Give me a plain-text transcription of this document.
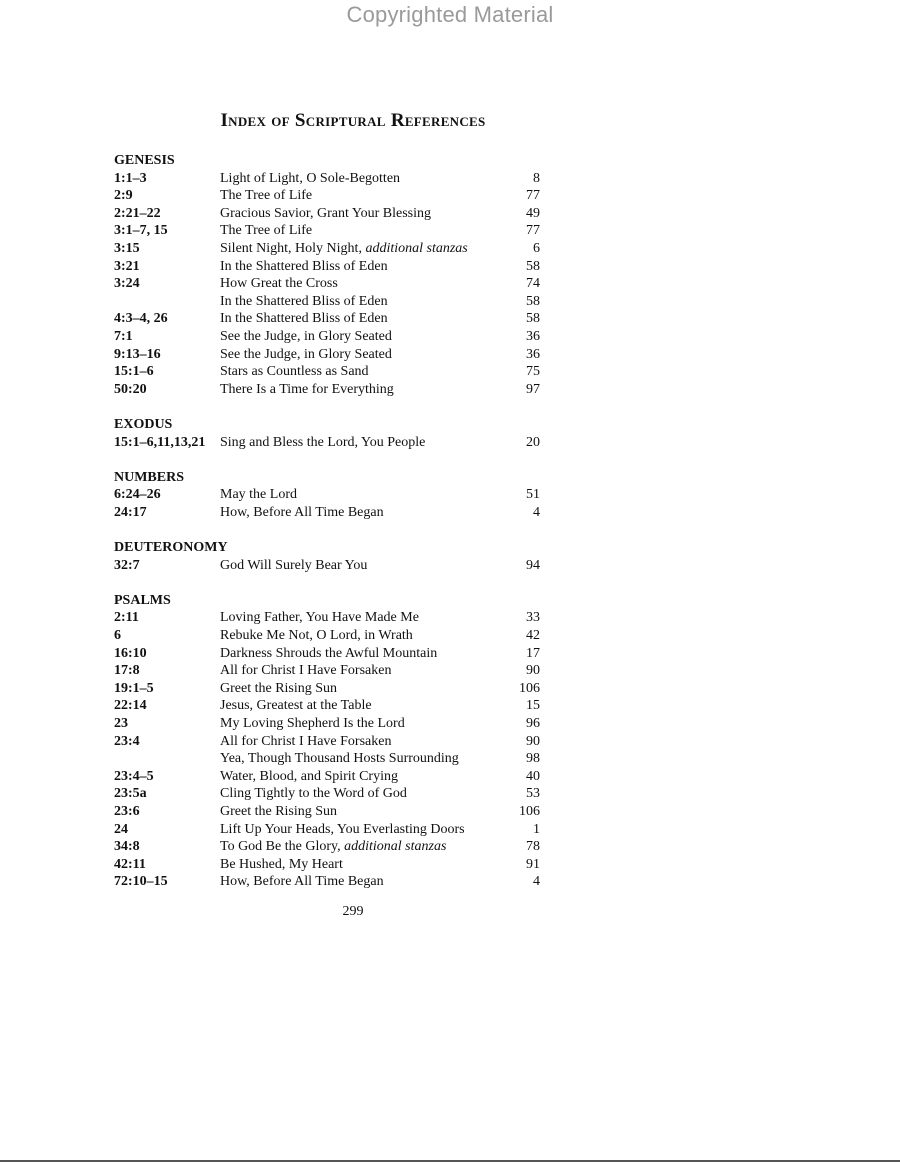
Copyrighted Material
Index of Scriptural References
GENESIS
1:1–3	Light of Light, O Sole-Begotten	8
2:9	The Tree of Life	77
2:21–22	Gracious Savior, Grant Your Blessing	49
3:1–7, 15	The Tree of Life	77
3:15	Silent Night, Holy Night, additional stanzas	6
3:21	In the Shattered Bliss of Eden	58
3:24	How Great the Cross	74
In the Shattered Bliss of Eden	58
4:3–4, 26	In the Shattered Bliss of Eden	58
7:1	See the Judge, in Glory Seated	36
9:13–16	See the Judge, in Glory Seated	36
15:1–6	Stars as Countless as Sand	75
50:20	There Is a Time for Everything	97
EXODUS
15:1–6,11,13,21	Sing and Bless the Lord, You People	20
NUMBERS
6:24–26	May the Lord	51
24:17	How, Before All Time Began	4
DEUTERONOMY
32:7	God Will Surely Bear You	94
PSALMS
2:11	Loving Father, You Have Made Me	33
6	Rebuke Me Not, O Lord, in Wrath	42
16:10	Darkness Shrouds the Awful Mountain	17
17:8	All for Christ I Have Forsaken	90
19:1–5	Greet the Rising Sun	106
22:14	Jesus, Greatest at the Table	15
23	My Loving Shepherd Is the Lord	96
23:4	All for Christ I Have Forsaken	90
Yea, Though Thousand Hosts Surrounding	98
23:4–5	Water, Blood, and Spirit Crying	40
23:5a	Cling Tightly to the Word of God	53
23:6	Greet the Rising Sun	106
24	Lift Up Your Heads, You Everlasting Doors	1
34:8	To God Be the Glory, additional stanzas	78
42:11	Be Hushed, My Heart	91
72:10–15	How, Before All Time Began	4
299
